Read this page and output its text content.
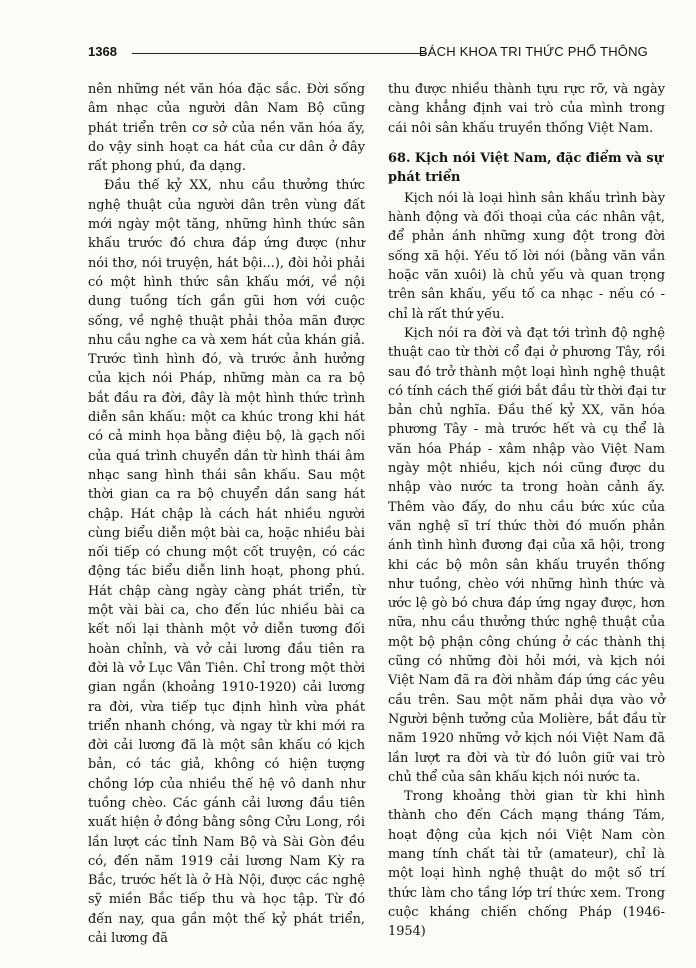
1368	BÁCH KHOA TRI THỨC PHỔ THÔNG

nên những nét văn hóa đặc sắc. Đời sống âm nhạc của người dân Nam Bộ cũng phát triển trên cơ sở của nền văn hóa ấy, do vậy sinh hoạt ca hát của cư dân ở đây rất phong phú, đa dạng.

Đầu thế kỷ XX, nhu cầu thưởng thức nghệ thuật của người dân trên vùng đất mới ngày một tăng, những hình thức sân khấu trước đó chưa đáp ứng được (như nói thơ, nói truyện, hát bội...), đòi hỏi phải có một hình thức sân khấu mới, về nội dung tuồng tích gần gũi hơn với cuộc sống, về nghệ thuật phải thỏa mãn được nhu cầu nghe ca và xem hát của khán giả. Trước tình hình đó, và trước ảnh hưởng của kịch nói Pháp, những màn ca ra bộ bắt đầu ra đời, đây là một hình thức trình diễn sân khấu: một ca khúc trong khi hát có cả minh họa bằng điệu bộ, là gạch nối của quá trình chuyển dần từ hình thái âm nhạc sang hình thái sân khấu. Sau một thời gian ca ra bộ chuyển dần sang hát chập. Hát chập là cách hát nhiều người cùng biểu diễn một bài ca, hoặc nhiều bài nối tiếp có chung một cốt truyện, có các động tác biểu diễn linh hoạt, phong phú. Hát chập càng ngày càng phát triển, từ một vài bài ca, cho đến lúc nhiều bài ca kết nối lại thành một vở diễn tương đối hoàn chỉnh, và vở cải lương đầu tiên ra đời là vở Lục Vân Tiên. Chỉ trong một thời gian ngắn (khoảng 1910-1920) cải lương ra đời, vừa tiếp tục định hình vừa phát triển nhanh chóng, và ngay từ khi mới ra đời cải lương đã là một sân khấu có kịch bản, có tác giả, không có hiện tượng chồng lớp của nhiều thế hệ vô danh như tuồng chèo. Các gánh cải lương đầu tiên xuất hiện ở đồng bằng sông Cửu Long, rồi lần lượt các tỉnh Nam Bộ và Sài Gòn đều có, đến năm 1919 cải lương Nam Kỳ ra Bắc, trước hết là ở Hà Nội, được các nghệ sỹ miền Bắc tiếp thu và học tập. Từ đó đến nay, qua gần một thế kỷ phát triển, cải lương đã

thu được nhiều thành tựu rực rỡ, và ngày càng khẳng định vai trò của mình trong cái nôi sân khấu truyền thống Việt Nam.

68. Kịch nói Việt Nam, đặc điểm và sự phát triển

Kịch nói là loại hình sân khấu trình bày hành động và đối thoại của các nhân vật, để phản ánh những xung đột trong đời sống xã hội. Yếu tố lời nói (bằng văn vần hoặc văn xuôi) là chủ yếu và quan trọng trên sân khấu, yếu tố ca nhạc - nếu có - chỉ là rất thứ yếu.

Kịch nói ra đời và đạt tới trình độ nghệ thuật cao từ thời cổ đại ở phương Tây, rồi sau đó trở thành một loại hình nghệ thuật có tính cách thế giới bắt đầu từ thời đại tư bản chủ nghĩa. Đầu thế kỷ XX, văn hóa phương Tây - mà trước hết và cụ thể là văn hóa Pháp - xâm nhập vào Việt Nam ngày một nhiều, kịch nói cũng được du nhập vào nước ta trong hoàn cảnh ấy. Thêm vào đấy, do nhu cầu bức xúc của văn nghệ sĩ trí thức thời đó muốn phản ánh tình hình đương đại của xã hội, trong khi các bộ môn sân khấu truyền thống như tuồng, chèo với những hình thức và ước lệ gò bó chưa đáp ứng ngay được, hơn nữa, nhu cầu thưởng thức nghệ thuật của một bộ phận công chúng ở các thành thị cũng có những đòi hỏi mới, và kịch nói Việt Nam đã ra đời nhằm đáp ứng các yêu cầu trên. Sau một năm phải dựa vào vở Người bệnh tưởng của Molière, bắt đầu từ năm 1920 những vở kịch nói Việt Nam đã lần lượt ra đời và từ đó luôn giữ vai trò chủ thể của sân khấu kịch nói nước ta.

Trong khoảng thời gian từ khi hình thành cho đến Cách mạng tháng Tám, hoạt động của kịch nói Việt Nam còn mang tính chất tài tử (amateur), chỉ là một loại hình nghệ thuật do một số trí thức làm cho tầng lớp trí thức xem. Trong cuộc kháng chiến chống Pháp (1946-1954)
